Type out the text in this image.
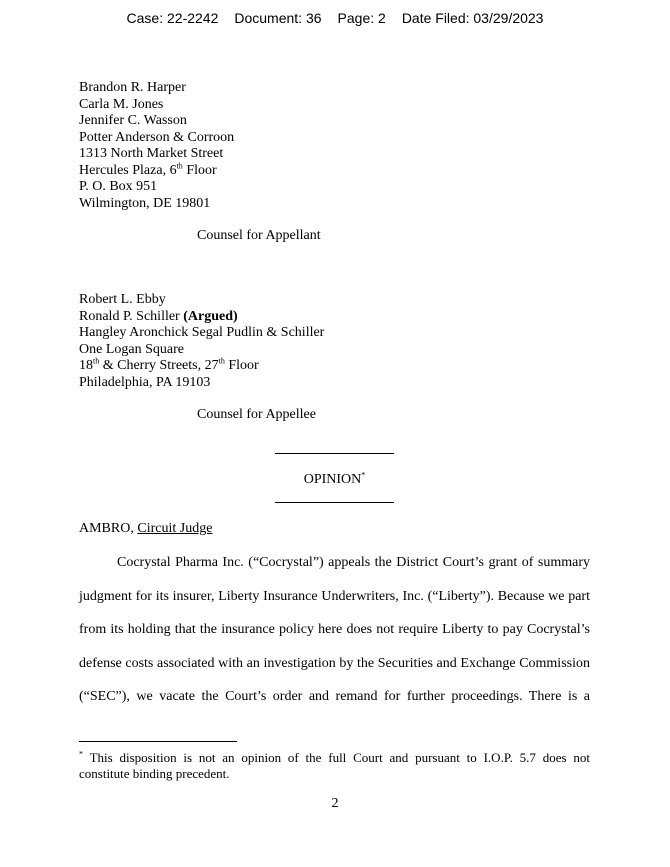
Case: 22-2242 Document: 36 Page: 2 Date Filed: 03/29/2023
Brandon R. Harper
Carla M. Jones
Jennifer C. Wasson
Potter Anderson & Corroon
1313 North Market Street
Hercules Plaza, 6th Floor
P. O. Box 951
Wilmington, DE 19801
Counsel for Appellant
Robert L. Ebby
Ronald P. Schiller (Argued)
Hangley Aronchick Segal Pudlin & Schiller
One Logan Square
18th & Cherry Streets, 27th Floor
Philadelphia, PA 19103
Counsel for Appellee
OPINION*
AMBRO, Circuit Judge
Cocrystal Pharma Inc. (“Cocrystal”) appeals the District Court’s grant of summary
judgment for its insurer, Liberty Insurance Underwriters, Inc. (“Liberty”). Because we part
from its holding that the insurance policy here does not require Liberty to pay Cocrystal’s
defense costs associated with an investigation by the Securities and Exchange Commission
(“SEC”), we vacate the Court’s order and remand for further proceedings. There is a
* This disposition is not an opinion of the full Court and pursuant to I.O.P. 5.7 does not
constitute binding precedent.
2
